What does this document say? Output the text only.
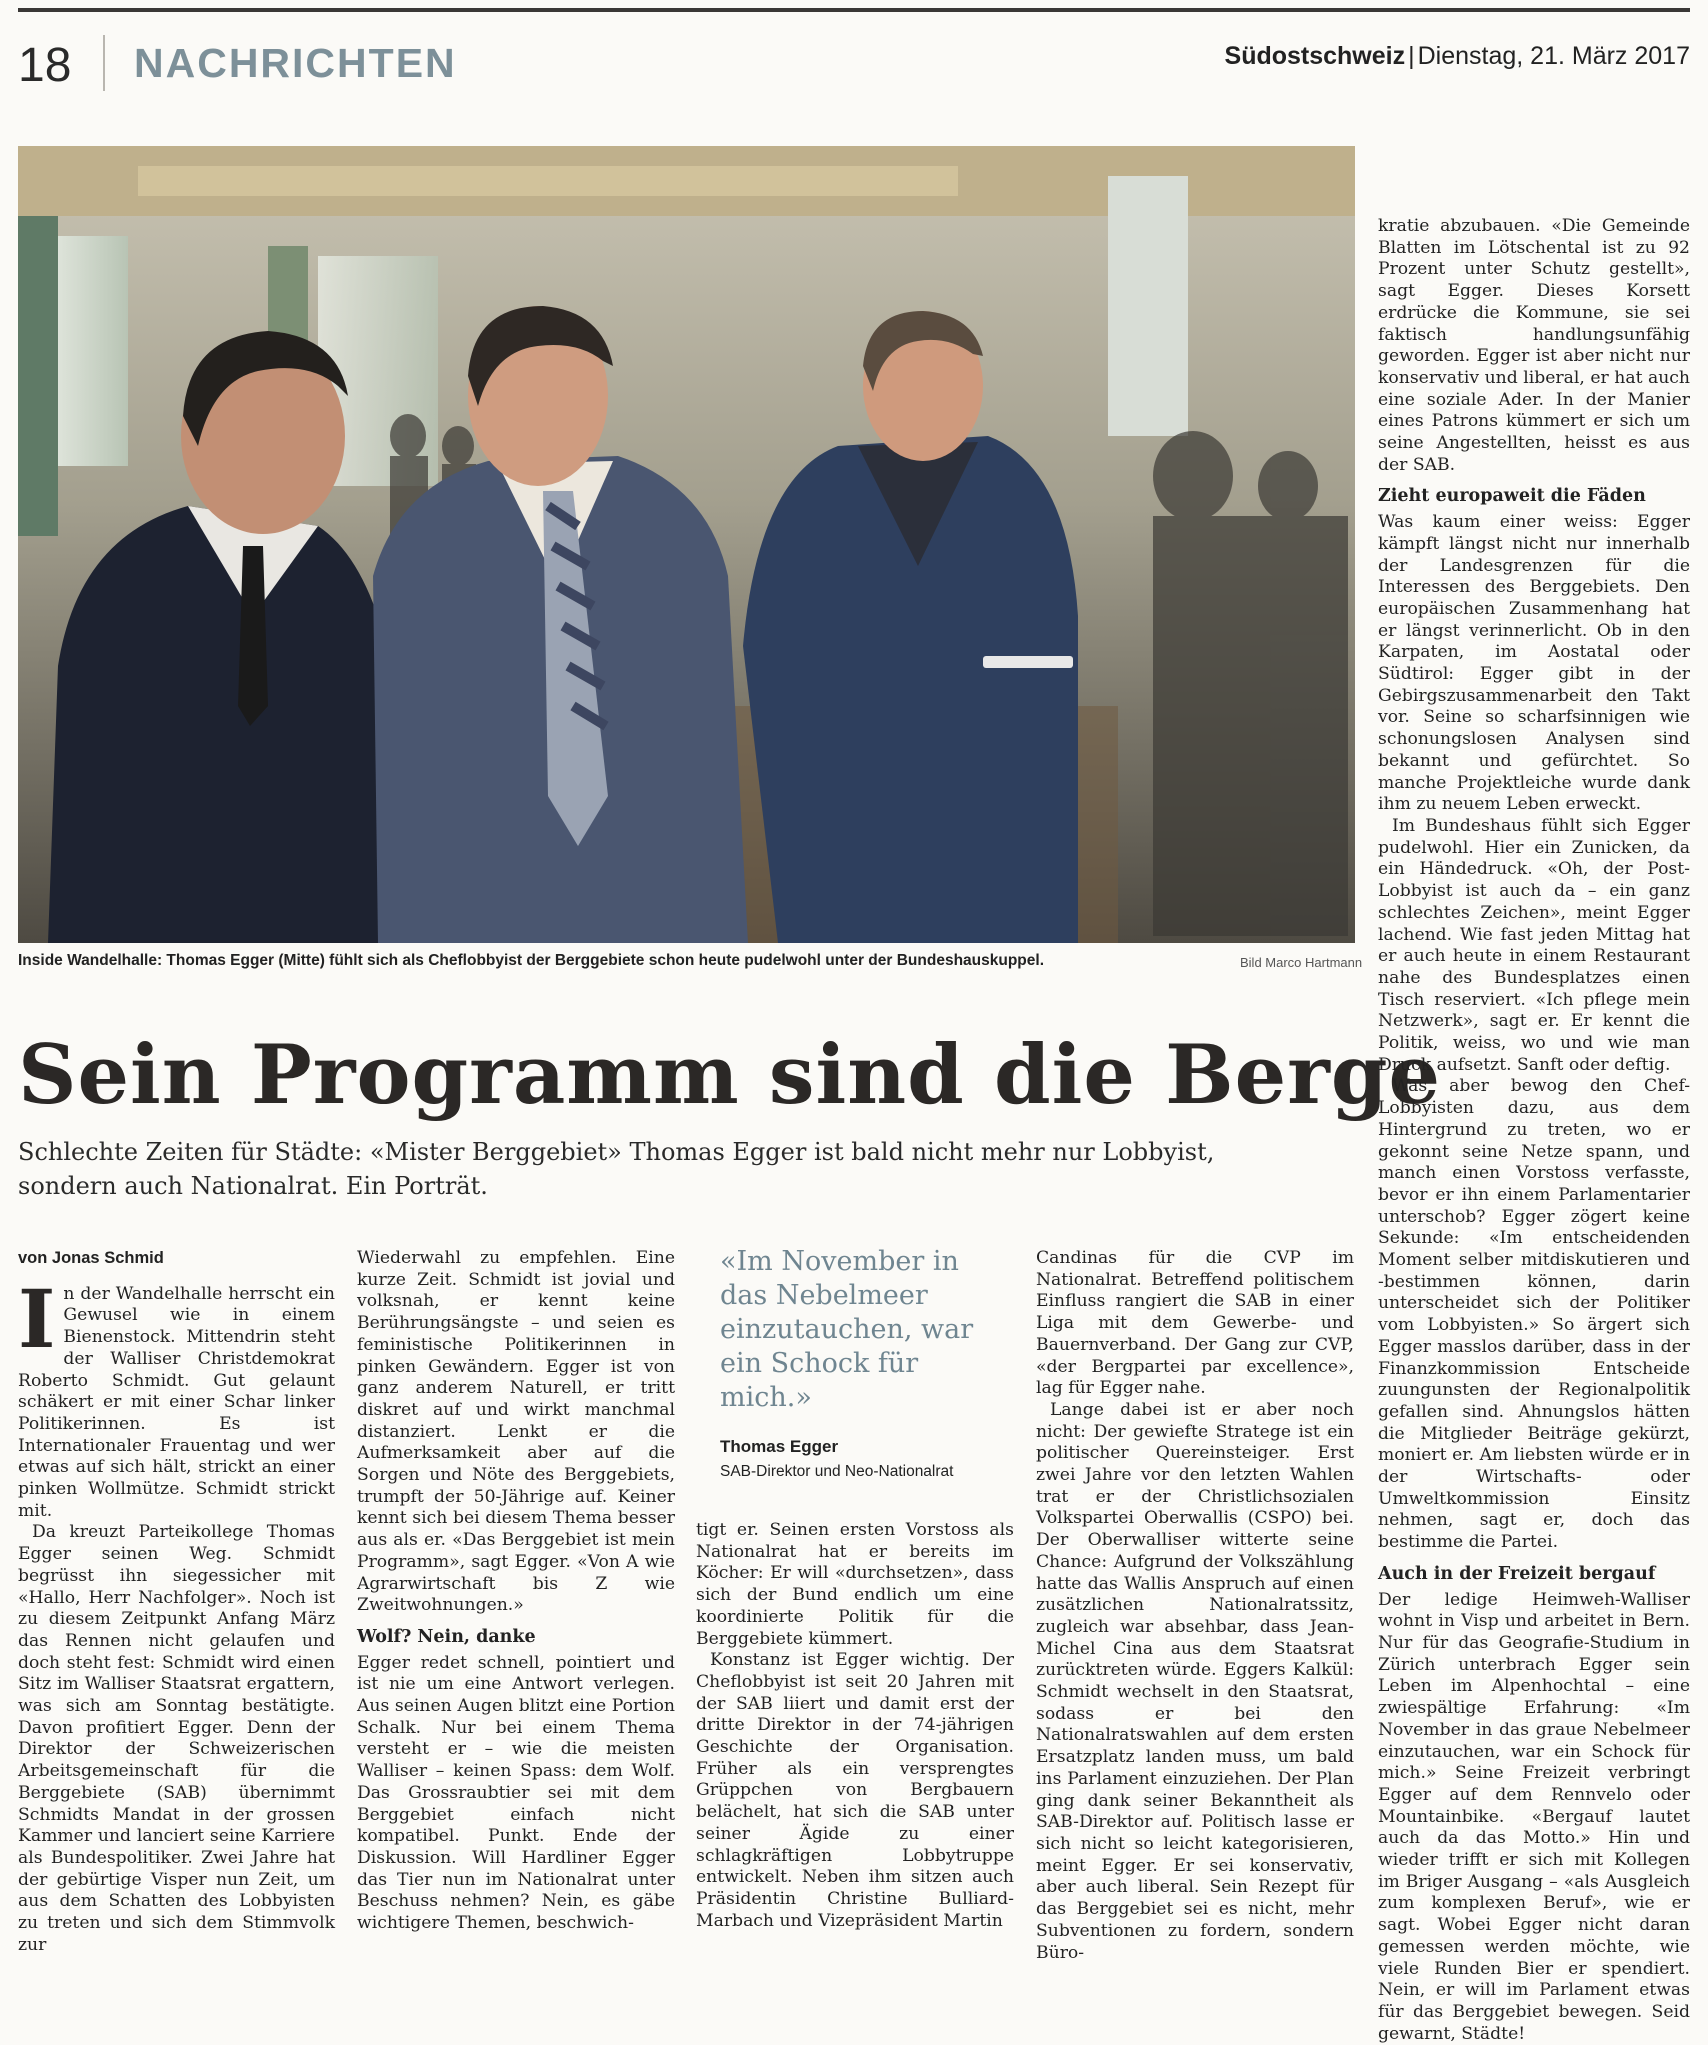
18 NACHRICHTEN	Südostschweiz | Dienstag, 21. März 2017
Inside Wandelhalle: Thomas Egger (Mitte) fühlt sich als Cheflobbyist der Berggebiete schon heute pudelwohl unter der Bundeshauskuppel.	Bild Marco Hartmann
Sein Programm sind die Berge
Schlechte Zeiten für Städte: «Mister Berggebiet» Thomas Egger ist bald nicht mehr nur Lobbyist, sondern auch Nationalrat. Ein Porträt.
von Jonas Schmid

In der Wandelhalle herrscht ein Gewusel wie in einem Bienenstock. Mittendrin steht der Walliser Christdemokrat Roberto Schmidt. Gut gelaunt schäkert er mit einer Schar linker Politikerinnen. Es ist Internationaler Frauentag und wer etwas auf sich hält, strickt an einer pinken Wollmütze. Schmidt strickt mit.

Da kreuzt Parteikollege Thomas Egger seinen Weg. Schmidt begrüsst ihn siegessicher mit «Hallo, Herr Nachfolger». Noch ist zu diesem Zeitpunkt Anfang März das Rennen nicht gelaufen und doch steht fest: Schmidt wird einen Sitz im Walliser Staatsrat ergattern, was sich am Sonntag bestätigte. Davon profitiert Egger. Denn der Direktor der Schweizerischen Arbeitsgemeinschaft für die Berggebiete (SAB) übernimmt Schmidts Mandat in der grossen Kammer und lanciert seine Karriere als Bundespolitiker. Zwei Jahre hat der gebürtige Visper nun Zeit, um aus dem Schatten des Lobbyisten zu treten und sich dem Stimmvolk zur

Wiederwahl zu empfehlen. Eine kurze Zeit. Schmidt ist jovial und volksnah, er kennt keine Berührungsängste – und seien es feministische Politikerinnen in pinken Gewändern. Egger ist von ganz anderem Naturell, er tritt diskret auf und wirkt manchmal distanziert. Lenkt er die Aufmerksamkeit aber auf die Sorgen und Nöte des Berggebiets, trumpft der 50-Jährige auf. Keiner kennt sich bei diesem Thema besser aus als er. «Das Berggebiet ist mein Programm», sagt Egger. «Von A wie Agrarwirtschaft bis Z wie Zweitwohnungen.»

Wolf? Nein, danke

Egger redet schnell, pointiert und ist nie um eine Antwort verlegen. Aus seinen Augen blitzt eine Portion Schalk. Nur bei einem Thema versteht er – wie die meisten Walliser – keinen Spass: dem Wolf. Das Grossraubtier sei mit dem Berggebiet einfach nicht kompatibel. Punkt. Ende der Diskussion. Will Hardliner Egger das Tier nun im Nationalrat unter Beschuss nehmen? Nein, es gäbe wichtigere Themen, beschwich-

«Im November in das Nebelmeer einzutauchen, war ein Schock für mich.»
Thomas Egger
SAB-Direktor und Neo-Nationalrat

tigt er. Seinen ersten Vorstoss als Nationalrat hat er bereits im Köcher: Er will «durchsetzen», dass sich der Bund endlich um eine koordinierte Politik für die Berggebiete kümmert.

Konstanz ist Egger wichtig. Der Cheflobbyist ist seit 20 Jahren mit der SAB liiert und damit erst der dritte Direktor in der 74-jährigen Geschichte der Organisation. Früher als ein versprengtes Grüppchen von Bergbauern belächelt, hat sich die SAB unter seiner Ägide zu einer schlagkräftigen Lobbytruppe entwickelt. Neben ihm sitzen auch Präsidentin Christine Bulliard-Marbach und Vizepräsident Martin

Candinas für die CVP im Nationalrat. Betreffend politischem Einfluss rangiert die SAB in einer Liga mit dem Gewerbe- und Bauernverband. Der Gang zur CVP, «der Bergpartei par excellence», lag für Egger nahe.

Lange dabei ist er aber noch nicht: Der gewiefte Stratege ist ein politischer Quereinsteiger. Erst zwei Jahre vor den letzten Wahlen trat er der Christlichsozialen Volkspartei Oberwallis (CSPO) bei. Der Oberwalliser witterte seine Chance: Aufgrund der Volkszählung hatte das Wallis Anspruch auf einen zusätzlichen Nationalratssitz, zugleich war absehbar, dass Jean-Michel Cina aus dem Staatsrat zurücktreten würde. Eggers Kalkül: Schmidt wechselt in den Staatsrat, sodass er bei den Nationalratswahlen auf dem ersten Ersatzplatz landen muss, um bald ins Parlament einzuziehen. Der Plan ging dank seiner Bekanntheit als SAB-Direktor auf. Politisch lasse er sich nicht so leicht kategorisieren, meint Egger. Er sei konservativ, aber auch liberal. Sein Rezept für das Berggebiet sei es nicht, mehr Subventionen zu fordern, sondern Büro-

kratie abzubauen. «Die Gemeinde Blatten im Lötschental ist zu 92 Prozent unter Schutz gestellt», sagt Egger. Dieses Korsett erdrücke die Kommune, sie sei faktisch handlungsunfähig geworden. Egger ist aber nicht nur konservativ und liberal, er hat auch eine soziale Ader. In der Manier eines Patrons kümmert er sich um seine Angestellten, heisst es aus der SAB.

Zieht europaweit die Fäden

Was kaum einer weiss: Egger kämpft längst nicht nur innerhalb der Landesgrenzen für die Interessen des Berggebiets. Den europäischen Zusammenhang hat er längst verinnerlicht. Ob in den Karpaten, im Aostatal oder Südtirol: Egger gibt in der Gebirgszusammenarbeit den Takt vor. Seine so scharfsinnigen wie schonungslosen Analysen sind bekannt und gefürchtet. So manche Projektleiche wurde dank ihm zu neuem Leben erweckt.

Im Bundeshaus fühlt sich Egger pudelwohl. Hier ein Zunicken, da ein Händedruck. «Oh, der Post-Lobbyist ist auch da – ein ganz schlechtes Zeichen», meint Egger lachend. Wie fast jeden Mittag hat er auch heute in einem Restaurant nahe des Bundesplatzes einen Tisch reserviert. «Ich pflege mein Netzwerk», sagt er. Er kennt die Politik, weiss, wo und wie man Druck aufsetzt. Sanft oder deftig.

Was aber bewog den Chef-Lobbyisten dazu, aus dem Hintergrund zu treten, wo er gekonnt seine Netze spann, und manch einen Vorstoss verfasste, bevor er ihn einem Parlamentarier unterschob? Egger zögert keine Sekunde: «Im entscheidenden Moment selber mitdiskutieren und -bestimmen können, darin unterscheidet sich der Politiker vom Lobbyisten.» So ärgert sich Egger masslos darüber, dass in der Finanzkommission Entscheide zuungunsten der Regionalpolitik gefallen sind. Ahnungslos hätten die Mitglieder Beiträge gekürzt, moniert er. Am liebsten würde er in der Wirtschafts- oder Umweltkommission Einsitz nehmen, sagt er, doch das bestimme die Partei.

Auch in der Freizeit bergauf

Der ledige Heimweh-Walliser wohnt in Visp und arbeitet in Bern. Nur für das Geografie-Studium in Zürich unterbrach Egger sein Leben im Alpenhochtal – eine zwiespältige Erfahrung: «Im November in das graue Nebelmeer einzutauchen, war ein Schock für mich.» Seine Freizeit verbringt Egger auf dem Rennvelo oder Mountainbike. «Bergauf lautet auch da das Motto.» Hin und wieder trifft er sich mit Kollegen im Briger Ausgang – «als Ausgleich zum komplexen Beruf», wie er sagt. Wobei Egger nicht daran gemessen werden möchte, wie viele Runden Bier er spendiert. Nein, er will im Parlament etwas für das Berggebiet bewegen. Seid gewarnt, Städte!
